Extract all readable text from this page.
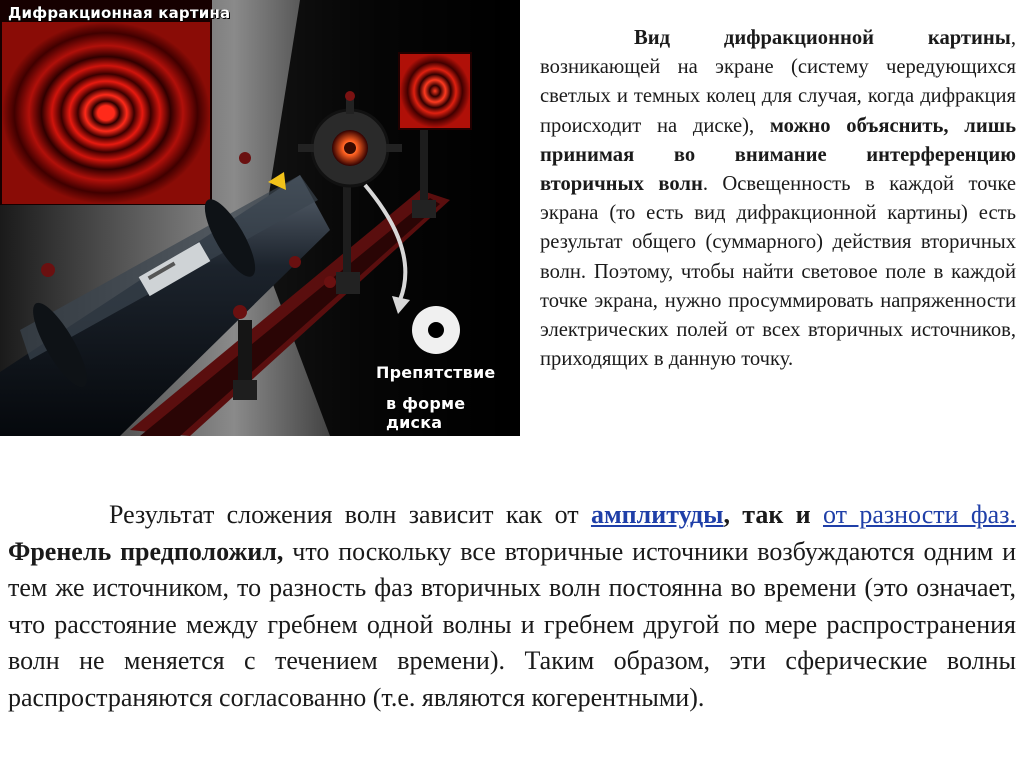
Дифракционная картина
Препятствие
в форме диска

Вид дифракционной картины, возникающей на экране (систему чередующихся светлых и темных колец для случая, когда дифракция происходит на диске), можно объяснить, лишь принимая во внимание интерференцию вторичных волн. Освещенность в каждой точке экрана (то есть вид дифракционной картины) есть результат общего (суммарного) действия вторичных волн. Поэтому, чтобы найти световое поле в каждой точке экрана, нужно просуммировать напряженности электрических полей от всех вторичных источников, приходящих в данную точку.

Результат сложения волн зависит как от амплитуды, так и от разности фаз. Френель предположил, что поскольку все вторичные источники возбуждаются одним и тем же источником, то разность фаз вторичных волн постоянна во времени (это означает, что расстояние между гребнем одной волны и гребнем другой по мере распространения волн не меняется с течением времени). Таким образом, эти сферические волны распространяются согласованно (т.е. являются когерентными).
